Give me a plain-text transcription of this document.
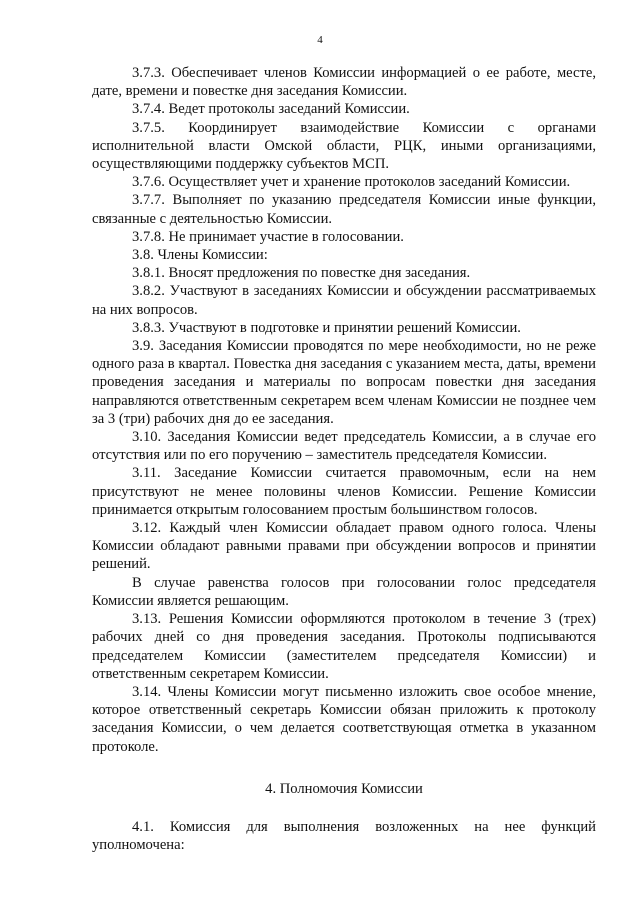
4

3.7.3. Обеспечивает членов Комиссии информацией о ее работе, месте, дате, времени и повестке дня заседания Комиссии.

3.7.4. Ведет протоколы заседаний Комиссии.

3.7.5. Координирует взаимодействие Комиссии с органами исполнительной власти Омской области, РЦК, иными организациями, осуществляющими поддержку субъектов МСП.

3.7.6. Осуществляет учет и хранение протоколов заседаний Комиссии.

3.7.7. Выполняет по указанию председателя Комиссии иные функции, связанные с деятельностью Комиссии.

3.7.8. Не принимает участие в голосовании.

3.8. Члены Комиссии:

3.8.1. Вносят предложения по повестке дня заседания.

3.8.2. Участвуют в заседаниях Комиссии и обсуждении рассматриваемых на них вопросов.

3.8.3. Участвуют в подготовке и принятии решений Комиссии.

3.9. Заседания Комиссии проводятся по мере необходимости, но не реже одного раза в квартал. Повестка дня заседания с указанием места, даты, времени проведения заседания и материалы по вопросам повестки дня заседания направляются ответственным секретарем всем членам Комиссии не позднее чем за 3 (три) рабочих дня до ее заседания.

3.10. Заседания Комиссии ведет председатель Комиссии, а в случае его отсутствия или по его поручению – заместитель председателя Комиссии.

3.11. Заседание Комиссии считается правомочным, если на нем присутствуют не менее половины членов Комиссии. Решение Комиссии принимается открытым голосованием простым большинством голосов.

3.12. Каждый член Комиссии обладает правом одного голоса. Члены Комиссии обладают равными правами при обсуждении вопросов и принятии решений.

В случае равенства голосов при голосовании голос председателя Комиссии является решающим.

3.13. Решения Комиссии оформляются протоколом в течение 3 (трех) рабочих дней со дня проведения заседания. Протоколы подписываются председателем Комиссии (заместителем председателя Комиссии) и ответственным секретарем Комиссии.

3.14. Члены Комиссии могут письменно изложить свое особое мнение, которое ответственный секретарь Комиссии обязан приложить к протоколу заседания Комиссии, о чем делается соответствующая отметка в указанном протоколе.

4. Полномочия Комиссии

4.1. Комиссия для выполнения возложенных на нее функций уполномочена:
